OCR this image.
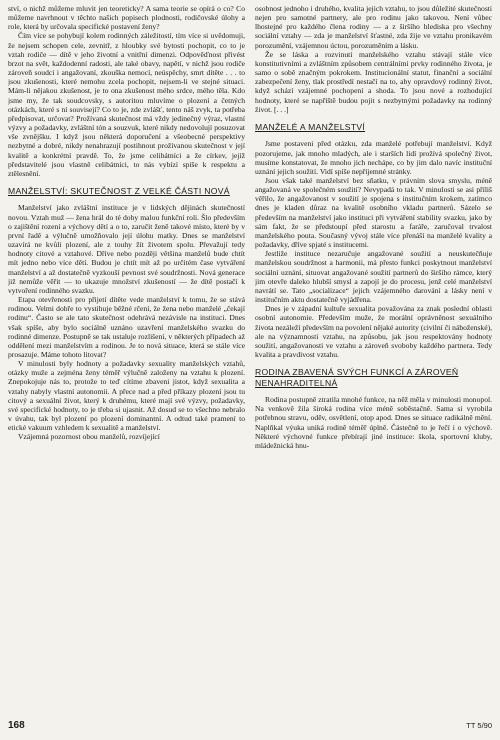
ství, o nichž můžeme mluvit jen teoreticky? A sama teorie se opírá o co? Co můžeme navrhnout v těchto našich popisech plodnosti, rodičovské úlohy a role, která by určovala specifické postavení ženy?

Čím více se pohybují kolem rodinných záležitostí, tím více si uvědomuji, že nejsem schopen cele, zevnitř, z hloubky své bytosti pochopit, co to je vztah rodiče — dítě v jeho životní a vnitřní dimenzi. Odpověďnost přivést brzot na svět, každodenní radosti, ale také obavy, napětí, v nichž jsou rodiče zároveň soudcí i angažovaní, zkouška nemocí, neúspěchy, smrt dítěte . . . to jsou zkušenosti, které nemohu zcela pochopit, nejsem-li ve stejné situaci. Mám-li nějakou zkušenost, je to ona zkušenost mého srdce, mého těla. Kdo jsme my, že tak soudcovsky, s autoritou mluvíme o plození a četných otázkách, které s ní souvisejí? Co to je, zde zvlášť, tento náš zvyk, ta potřeba předpisovat, určovat? Prožívaná skutečnost má vždy jedinečný výraz, vlastní výzvy a požadavky, zvláštní tón a souzvuk, které nikdy nedovolují posuzovat vše zvnějšku. I když jsou některá doporučení a všeobecné perspektivy nezbytné a dobré, nikdy nenahrazují postihnout prožívanou skutečnost v její kvalitě a konkrétní pravdě. To, že jsme celibátníci a že církev, jejíž představitelé jsou vlastně celibátníci, to nás vybízí spíše k respektu a ztělesnění.

MANŽELSTVÍ: SKUTEČNOST Z VELKÉ ČÁSTI NOVÁ

Manželství jako zvláštní instituce je v lidských dějinách skutečností novou. Vztah muž — žena hrál do té doby malou funkční roli. Šlo především o zajištění rození a výchovy dětí a o to, zaručit ženě takové místo, které by v první řadě a výlučně umožňovalo její úlohu matky. Dnes se manželství uzavírá ne kvůli plození, ale z touhy žít životem spolu. Převažují tedy hodnoty citové a vztahové. Dříve nebo později většina manželů bude chtít mít jedno nebo více dětí. Budou je chtít mít až po určitém čase vytváření manželství a až dostatečně vyzkouší pevnost své soudržnosti. Nová generace již nemůže věřit — to ukazuje množství zkušeností — že dítě postačí k vytvoření rodinného svazku.

Etapa otevřenosti pro přijetí dítěte vede manželství k tomu, že se stává rodinou. Velmi dobře to vystihuje běžné rčení, že žena nebo manželé „čekají rodinu“. Často se ale tato skutečnost odehrává nezávisle na instituci. Dnes však spíše, aby bylo sociálně uznáno uzavření manželského svazku do rodinné dimenze. Postupně se tak ustaluje rozlišení, v některých případech až oddělení mezi manželstvím a rodinou. Je to nová situace, která se stále více prosazuje. Máme tohoto litovat?

V minulosti byly hodnoty a požadavky sexuality manželských vztahů, otázky muže a zejména ženy téměř výlučně založeny na vztahu k plození. Znepokojuje nás to, protože to teď cítíme zbaveni jistot, když sexualita a vztahy nabyly vlastní autonomii. A přece nad a před příkazy plození jsou tu citový a sexuální život, který k druhému, které mají své výzvy, požadavky, své specifické hodnoty, to je třeba si ujasnit. Až dosud se to všechno nebralo v úvahu, tak byl plození po plození dominantní. A odtud také pramení to etické vakuum vzhledem k sexualitě a manželství.

Vzájemná pozornost obou manželů, rozvíjející

osobnost jednoho i druhého, kvalita jejich vztahu, to jsou důležité skutečnosti nejen pro samotné partnery, ale pro rodinu jako takovou. Není vůbec lhostejné pro každého člena rodiny — a z širšího hlediska pro všechny sociální vztahy — zda je manželství šťastné, zda žije ve vztahu pronikavém porozumění, vzájemnou úctou, porozuměním a lásku.

Že se láska a rozvinutí manželského vztahu stávají stále více konstitutivními a zvláštním způsobem centrálními prvky rodinného života, je samo o sobě značným pokrokem. Institucionální statut, finanční a sociální zabezpečení ženy, tlak prostředí nestačí na to, aby opravdový rodinný život, když schází vzájemné pochopení a shoda. To jsou nové a rozhodující hodnoty, které se napříště budou pojit s nezbytnými požadavky na rodinný život. [. . .]

MANŽELÉ A MANŽELSTVÍ

Jsme postaveni před otázku, zda manželé potřebují manželství. Když pozorujeme, jak mnoho mladých, ale i starších lidí prožívá společný život, musíme konstatovat, že mnoho jich nechápe, co by jim dalo navíc instituční uznání jejich soužití. Vidí spíše nepříjemné stránky.

Jsou však také manželství bez sňatku, v právním slova smyslu, méně angažovaná ve společném soužití? Nevypadá to tak. V minulosti se asi příliš věřilo, že angažovanost v soužití je spojena s institučním krokem, zatímco dnes je kladen důraz na kvalitě osobního vkladu partnerů. Sázelo se především na manželství jako instituci při vytváření stability svazku, jako by sám fakt, že se předstoupí před starostu a faráře, zaručoval trvalost manželského pouta. Současný vývoj stále více přenáší na manželé kvality a požadavky, dříve spjaté s institucemi.

Jestliže instituce nezaručuje angažované soužití a neuskutečňuje manželskou soudržnost a harmonii, má přesto funkci poskytnout manželství sociální uznání, situovat angažované soužití partnerů do širšího rámce, který jim otevře daleko hlubší smysl a zapojí je do procesu, jenž celé manželství navrátí se. Tato „socializace“ jejich vzájemného darování a lásky není v institučním aktu dostatečně vyjádřena.

Dnes je v západní kultuře sexualita považována za znak poslední oblasti osobní autonomie. Především muže, že morální oprávněnost sexuálního života nezáleží především na povolení nějaké autority (civilní či náboženské), ale na významnosti vztahu, na způsobu, jak jsou respektovány hodnoty soužití, angažovanosti ve vztahu a zároveň svoboby každého partnera. Tedy kvalita a pravdivost vztahu.

RODINA ZBAVENÁ SVÝCH FUNKCÍ A ZÁROVEŇ NENAHRADITELNÁ

Rodina postupně ztratila mnohé funkce, na něž měla v minulosti monopol. Na venkově žila široká rodina více méně soběstačně. Sama si vyrobila potřebnou stravu, oděv, osvětlení, otop apod. Dnes se situace radikálně mění. Naplňkal výuka uniká rodině téměř úplně. Částečně to je řečí i o výchově. Některé výchovné funkce přebírají jiné instituce: škola, sportovní kluby, mládežnická hnu-

168	TT 5/90
